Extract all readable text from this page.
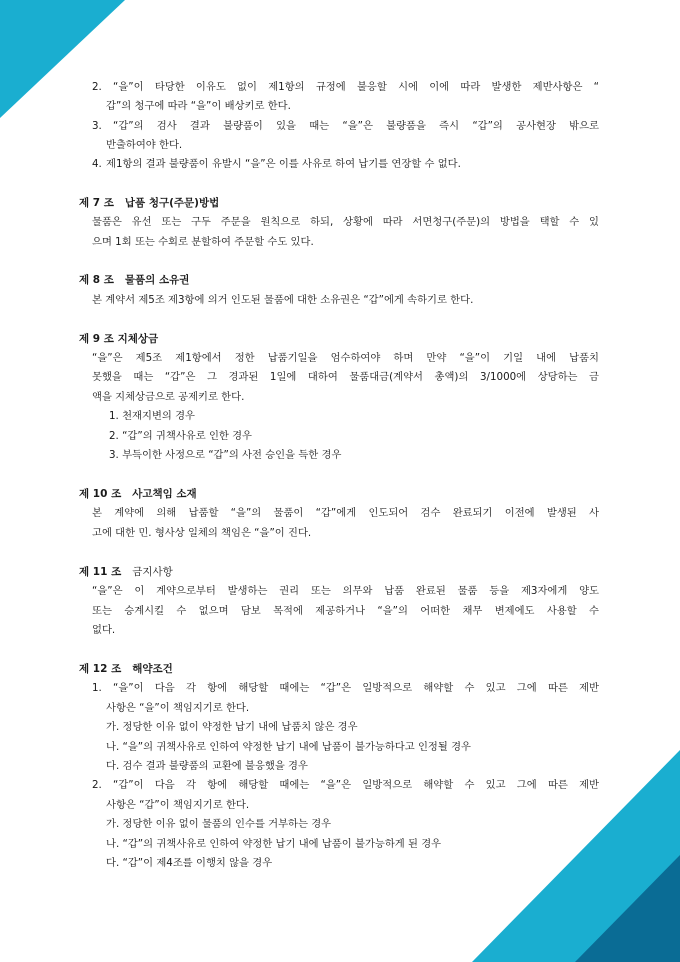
2. “을”이 타당한 이유도 없이 제1항의 규정에 불응할 시에 이에 따라 발생한 제반사항은 “
갑”의 청구에 따라 “을”이 배상키로 한다.
3. “갑”의 검사 결과 불량품이 있을 때는 “을”은 불량품을 즉시 “갑”의 공사현장 밖으로
반출하여야 한다.
4. 제1항의 결과 불량품이 유발시 “을”은 이를 사유로 하여 납기를 연장할 수 없다.
제 7 조 납품 청구(주문)방법
물품은 유선 또는 구두 주문을 원칙으로 하되, 상황에 따라 서면청구(주문)의 방법을 택할 수 있
으며 1회 또는 수회로 분할하여 주문할 수도 있다.
제 8 조 물품의 소유권
본 계약서 제5조 제3항에 의거 인도된 물품에 대한 소유권은 “갑”에게 속하기로 한다.
제 9 조 지체상금
“을”은 제5조 제1항에서 정한 납품기일을 엄수하여야 하며 만약 “을”이 기일 내에 납품치
못했을 때는 “갑”은 그 경과된 1일에 대하여 물품대금(계약서 총액)의 3/1000에 상당하는 금
액을 지체상금으로 공제키로 한다.
1. 천재지변의 경우
2. “갑”의 귀책사유로 인한 경우
3. 부득이한 사정으로 “갑”의 사전 승인을 득한 경우
제 10 조 사고책임 소재
본 계약에 의해 납품할 “을”의 물품이 “갑”에게 인도되어 검수 완료되기 이전에 발생된 사
고에 대한 민. 형사상 일체의 책임은 “을”이 진다.
제 11 조 금지사항
“을”은 이 계약으로부터 발생하는 권리 또는 의무와 납품 완료된 물품 등을 제3자에게 양도
또는 승계시킬 수 없으며 담보 목적에 제공하거나 “을”의 어떠한 채무 변제에도 사용할 수
없다.
제 12 조 해약조건
1. “을”이 다음 각 항에 해당할 때에는 “갑”은 일방적으로 해약할 수 있고 그에 따른 제반
사항은 “을”이 책임지기로 한다.
가. 정당한 이유 없이 약정한 납기 내에 납품치 않은 경우
나. “을”의 귀책사유로 인하여 약정한 납기 내에 납품이 불가능하다고 인정될 경우
다. 검수 결과 불량품의 교환에 불응했을 경우
2. “갑”이 다음 각 항에 해당할 때에는 “을”은 일방적으로 해약할 수 있고 그에 따른 제반
사항은 “갑”이 책임지기로 한다.
가. 정당한 이유 없이 물품의 인수를 거부하는 경우
나. “갑”의 귀책사유로 인하여 약정한 납기 내에 납품이 불가능하게 된 경우
다. “갑”이 제4조를 이행치 않을 경우
